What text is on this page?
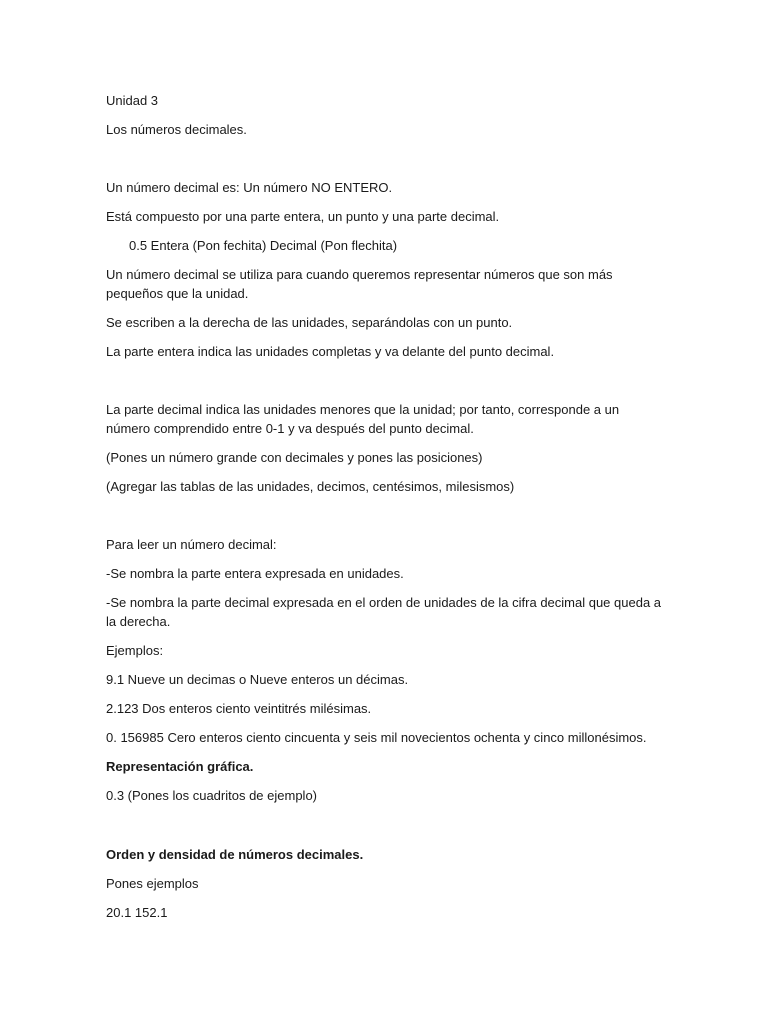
Unidad 3

Los números decimales.

Un número decimal es: Un número NO ENTERO.

Está compuesto por una parte entera, un punto y una parte decimal.

0.5 Entera (Pon fechita) Decimal (Pon flechita)

Un número decimal se utiliza para cuando queremos representar números que son más pequeños que la unidad.

Se escriben a la derecha de las unidades, separándolas con un punto.

La parte entera indica las unidades completas y va delante del punto decimal.

La parte decimal indica las unidades menores que la unidad; por tanto, corresponde a un número comprendido entre 0-1 y va después del punto decimal.

(Pones un número grande con decimales y pones las posiciones)

(Agregar las tablas de las unidades, decimos, centésimos, milesismos)

Para leer un número decimal:

-Se nombra la parte entera expresada en unidades.

-Se nombra la parte decimal expresada en el orden de unidades de la cifra decimal que queda a la derecha.

Ejemplos:

9.1 Nueve un decimas o Nueve enteros un décimas.

2.123 Dos enteros ciento veintitrés milésimas.

0. 156985 Cero enteros ciento cincuenta y seis mil novecientos ochenta y cinco millonésimos.

Representación gráfica.

0.3 (Pones los cuadritos de ejemplo)

Orden y densidad de números decimales.

Pones ejemplos

20.1 152.1
